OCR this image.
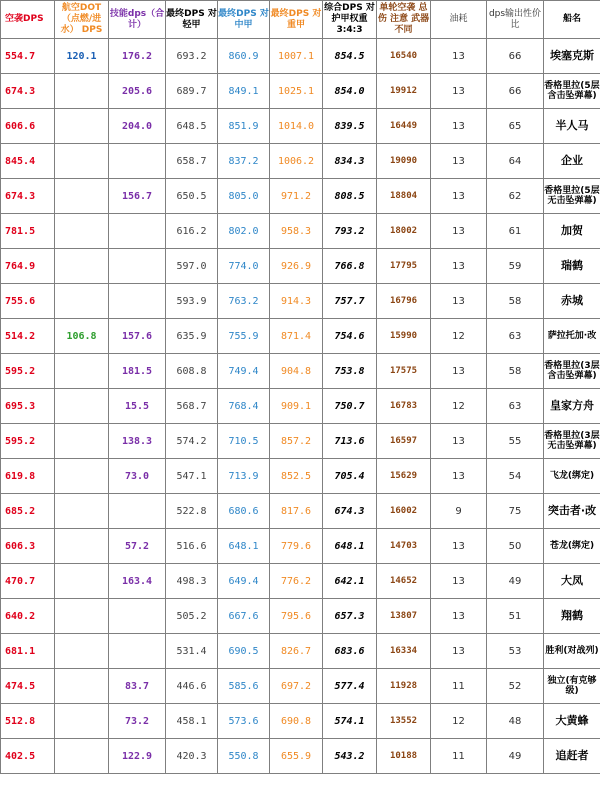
空袭DPS	航空DOT（点燃/进水） DPS	技能dps（合计）	最终DPS 对轻甲	最终DPS 对中甲	最终DPS 对重甲	综合DPS 对护甲权重 3:4:3	单轮空袭 总伤 注意 武器不同	油耗	dps输出性价比	船名
554.7	120.1	176.2	693.2	860.9	1007.1	854.5	16540	13	66	埃塞克斯
674.3		205.6	689.7	849.1	1025.1	854.0	19912	13	66	香格里拉(5层含击坠弹幕)
606.6		204.0	648.5	851.9	1014.0	839.5	16449	13	65	半人马
845.4			658.7	837.2	1006.2	834.3	19090	13	64	企业
674.3		156.7	650.5	805.0	971.2	808.5	18804	13	62	香格里拉(5层无击坠弹幕)
781.5			616.2	802.0	958.3	793.2	18002	13	61	加贺
764.9			597.0	774.0	926.9	766.8	17795	13	59	瑞鹤
755.6			593.9	763.2	914.3	757.7	16796	13	58	赤城
514.2	106.8	157.6	635.9	755.9	871.4	754.6	15990	12	63	萨拉托加·改
595.2		181.5	608.8	749.4	904.8	753.8	17575	13	58	香格里拉(3层含击坠弹幕)
695.3		15.5	568.7	768.4	909.1	750.7	16783	12	63	皇家方舟
595.2		138.3	574.2	710.5	857.2	713.6	16597	13	55	香格里拉(3层无击坠弹幕)
619.8		73.0	547.1	713.9	852.5	705.4	15629	13	54	飞龙(绑定)
685.2			522.8	680.6	817.6	674.3	16002	9	75	突击者·改
606.3		57.2	516.6	648.1	779.6	648.1	14703	13	50	苍龙(绑定)
470.7		163.4	498.3	649.4	776.2	642.1	14652	13	49	大凤
640.2			505.2	667.6	795.6	657.3	13807	13	51	翔鹤
681.1			531.4	690.5	826.7	683.6	16334	13	53	胜利(对战列)
474.5		83.7	446.6	585.6	697.2	577.4	11928	11	52	独立(有克够级)
512.8		73.2	458.1	573.6	690.8	574.1	13552	12	48	大黄蜂
402.5		122.9	420.3	550.8	655.9	543.2	10188	11	49	追赶者
